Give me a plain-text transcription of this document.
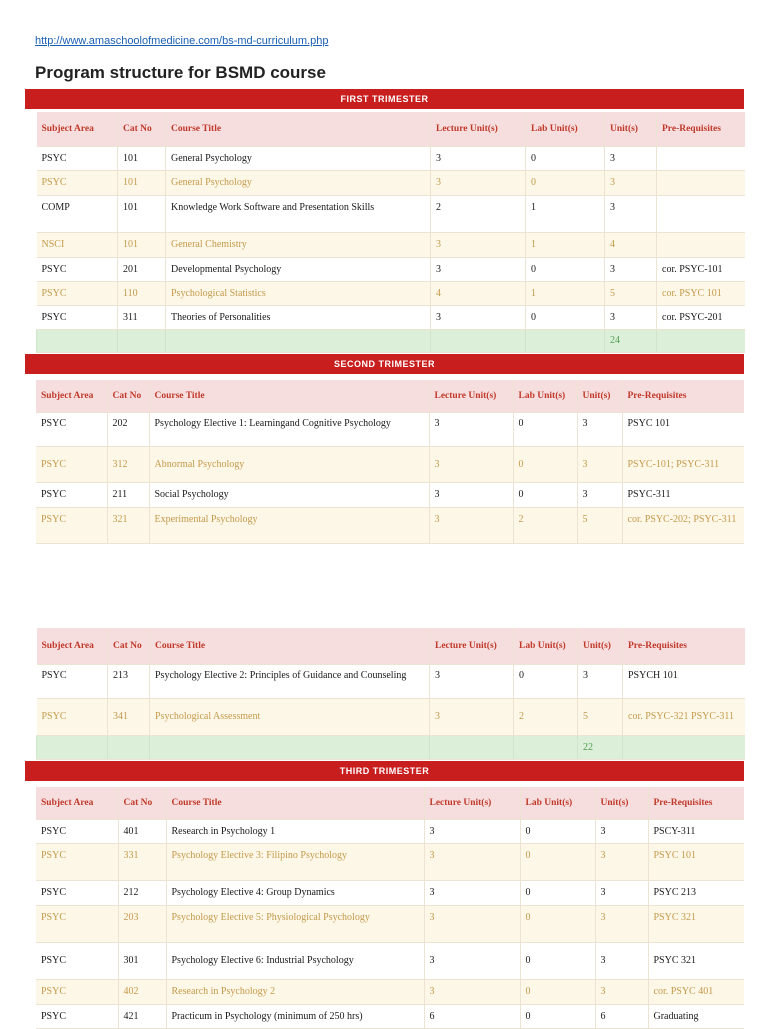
http://www.amaschoolofmedicine.com/bs-md-curriculum.php
Program structure for BSMD course
FIRST TRIMESTER
Subject Area	Cat No	Course Title	Lecture Unit(s)	Lab Unit(s)	Unit(s)	Pre-Requisites
PSYC	101	General Psychology	3	0	3	
PSYC	101	General Psychology	3	0	3	
COMP	101	Knowledge Work Software and Presentation Skills	2	1	3	
NSCI	101	General Chemistry	3	1	4	
PSYC	201	Developmental Psychology	3	0	3	cor. PSYC-101
PSYC	110	Psychological Statistics	4	1	5	cor. PSYC 101
PSYC	311	Theories of Personalities	3	0	3	cor. PSYC-201
					24	
SECOND TRIMESTER
Subject Area	Cat No	Course Title	Lecture Unit(s)	Lab Unit(s)	Unit(s)	Pre-Requisites
PSYC	202	Psychology Elective 1: Learningand Cognitive Psychology	3	0	3	PSYC 101
PSYC	312	Abnormal Psychology	3	0	3	PSYC-101; PSYC-311
PSYC	211	Social Psychology	3	0	3	PSYC-311
PSYC	321	Experimental Psychology	3	2	5	cor. PSYC-202; PSYC-311
Subject Area	Cat No	Course Title	Lecture Unit(s)	Lab Unit(s)	Unit(s)	Pre-Requisites
PSYC	213	Psychology Elective 2: Principles of Guidance and Counseling	3	0	3	PSYCH 101
PSYC	341	Psychological Assessment	3	2	5	cor. PSYC-321 PSYC-311
					22	
THIRD TRIMESTER
Subject Area	Cat No	Course Title	Lecture Unit(s)	Lab Unit(s)	Unit(s)	Pre-Requisites
PSYC	401	Research in Psychology 1	3	0	3	PSCY-311
PSYC	331	Psychology Elective 3: Filipino Psychology	3	0	3	PSYC 101
PSYC	212	Psychology Elective 4: Group Dynamics	3	0	3	PSYC 213
PSYC	203	Psychology Elective 5: Physiological Psychology	3	0	3	PSYC 321
PSYC	301	Psychology Elective 6: Industrial Psychology	3	0	3	PSYC 321
PSYC	402	Research in Psychology 2	3	0	3	cor. PSYC 401
PSYC	421	Practicum in Psychology (minimum of 250 hrs)	6	0	6	Graduating
